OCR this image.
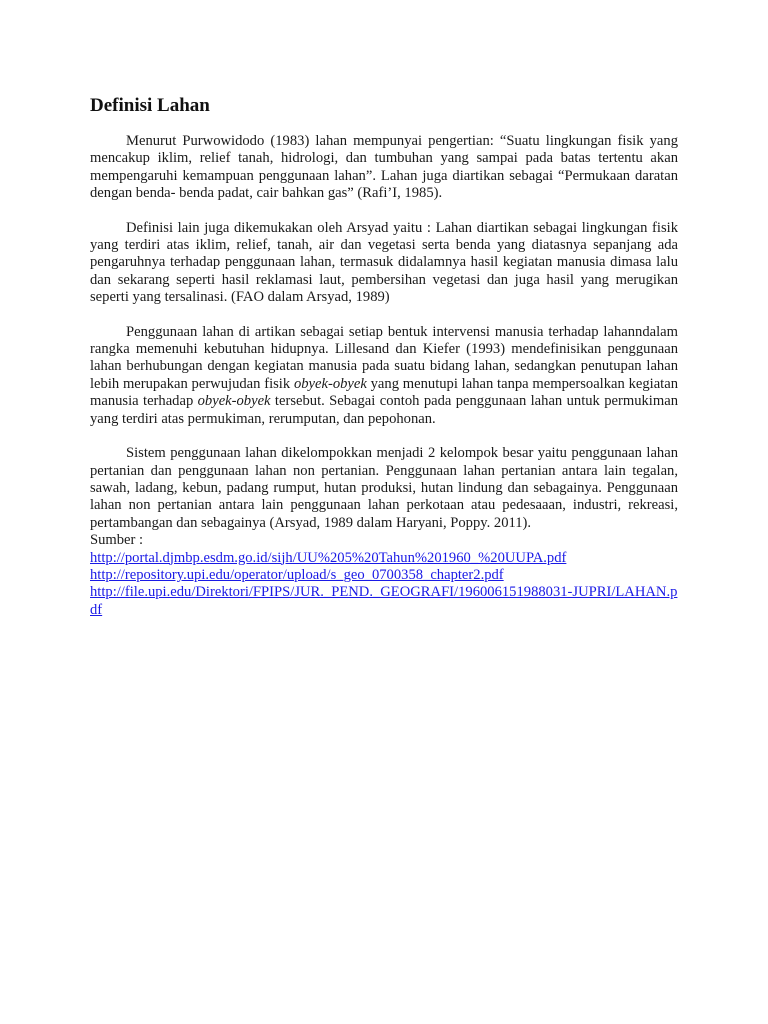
Definisi Lahan

Menurut Purwowidodo (1983) lahan mempunyai pengertian: “Suatu lingkungan fisik yang mencakup iklim, relief tanah, hidrologi, dan tumbuhan yang sampai pada batas tertentu akan mempengaruhi kemampuan penggunaan lahan”. Lahan juga diartikan sebagai “Permukaan daratan dengan benda- benda padat, cair bahkan gas” (Rafi’I, 1985).

Definisi lain juga dikemukakan oleh Arsyad yaitu : Lahan diartikan sebagai lingkungan fisik yang terdiri atas iklim, relief, tanah, air dan vegetasi serta benda yang diatasnya sepanjang ada pengaruhnya terhadap penggunaan lahan, termasuk didalamnya hasil kegiatan manusia dimasa lalu dan sekarang seperti hasil reklamasi laut, pembersihan vegetasi dan juga hasil yang merugikan seperti yang tersalinasi. (FAO dalam Arsyad, 1989)

Penggunaan lahan di artikan sebagai setiap bentuk intervensi manusia terhadap lahanndalam rangka memenuhi kebutuhan hidupnya. Lillesand dan Kiefer (1993) mendefinisikan penggunaan lahan berhubungan dengan kegiatan manusia pada suatu bidang lahan, sedangkan penutupan lahan lebih merupakan perwujudan fisik obyek-obyek yang menutupi lahan tanpa mempersoalkan kegiatan manusia terhadap obyek-obyek tersebut. Sebagai contoh pada penggunaan lahan untuk permukiman yang terdiri atas permukiman, rerumputan, dan pepohonan.

Sistem penggunaan lahan dikelompokkan menjadi 2 kelompok besar yaitu penggunaan lahan pertanian dan penggunaan lahan non pertanian. Penggunaan lahan pertanian antara lain tegalan, sawah, ladang, kebun, padang rumput, hutan produksi, hutan lindung dan sebagainya. Penggunaan lahan non pertanian antara lain penggunaan lahan perkotaan atau pedesaaan, industri, rekreasi, pertambangan dan sebagainya (Arsyad, 1989 dalam Haryani, Poppy. 2011).

Sumber :
http://portal.djmbp.esdm.go.id/sijh/UU%205%20Tahun%201960_%20UUPA.pdf
http://repository.upi.edu/operator/upload/s_geo_0700358_chapter2.pdf
http://file.upi.edu/Direktori/FPIPS/JUR._PEND._GEOGRAFI/196006151988031-JUPRI/LAHAN.pdf
